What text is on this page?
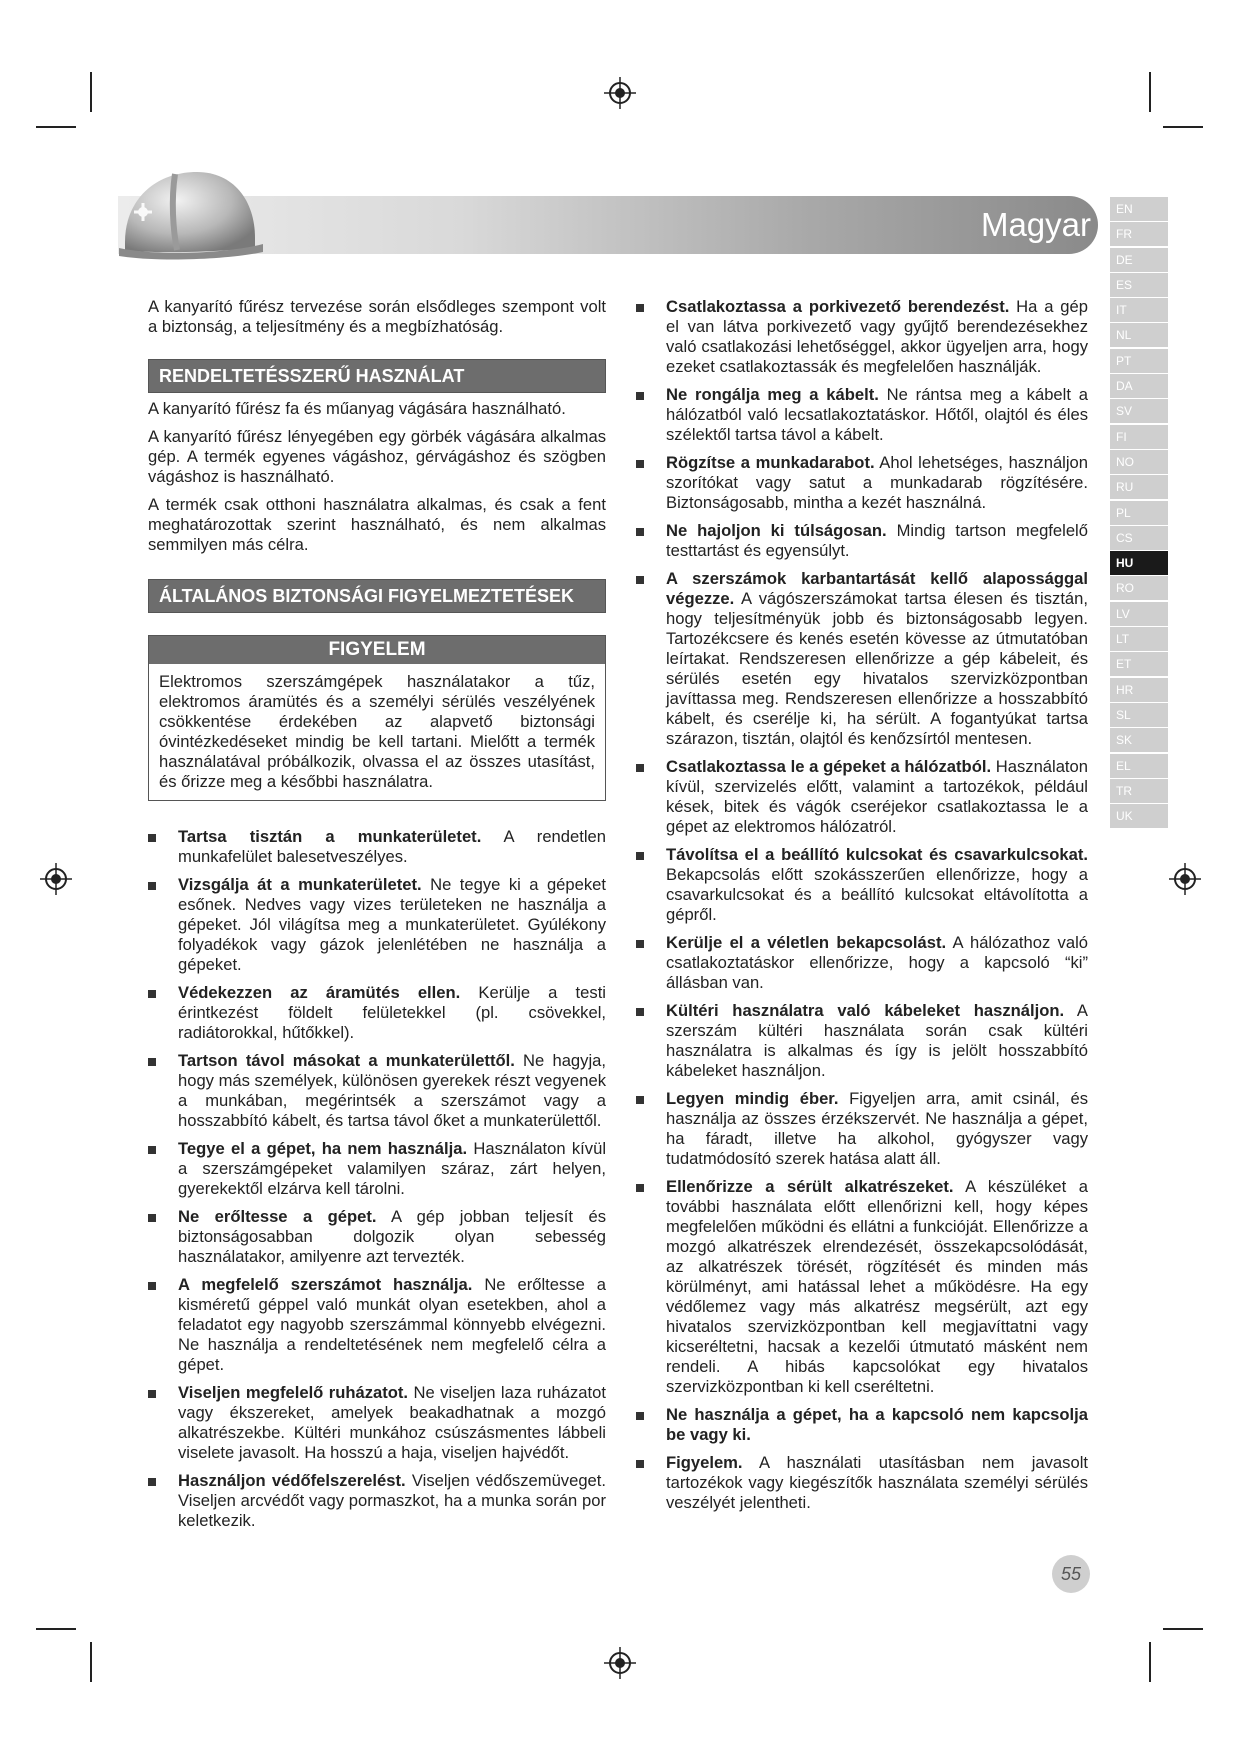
Magyar	EN
FR
DE
ES
IT
NL
PT
DA
SV
FI
NO
RU
PL
CS
HU
RO
LV
LT
ET
HR
SL
SK
EL
TR
UK

A kanyarító fűrész tervezése során elsődleges szempont volt a biztonság, a teljesítmény és a megbízhatóság.

RENDELTETÉSSZERŰ HASZNÁLAT

A kanyarító fűrész fa és műanyag vágására használható.

A kanyarító fűrész lényegében egy görbék vágására alkalmas gép. A termék egyenes vágáshoz, gérvágáshoz és szögben vágáshoz is használható.

A termék csak otthoni használatra alkalmas, és csak a fent meghatározottak szerint használható, és nem alkalmas semmilyen más célra.

ÁLTALÁNOS BIZTONSÁGI FIGYELMEZTETÉSEK
FIGYELEM
Elektromos szerszámgépek használatakor a tűz, elektromos áramütés és a személyi sérülés veszélyének csökkentése érdekében az alapvető biztonsági óvintézkedéseket mindig be kell tartani. Mielőtt a termék használatával próbálkozik, olvassa el az összes utasítást, és őrizze meg a későbbi használatra.
Tartsa tisztán a munkaterületet. A rendetlen munkafelület balesetveszélyes.
Vizsgálja át a munkaterületet. Ne tegye ki a gépeket esőnek. Nedves vagy vizes területeken ne használja a gépeket. Jól világítsa meg a munkaterületet. Gyúlékony folyadékok vagy gázok jelenlétében ne használja a gépeket.
Védekezzen az áramütés ellen. Kerülje a testi érintkezést földelt felületekkel (pl. csövekkel, radiátorokkal, hűtőkkel).
Tartson távol másokat a munkaterülettől. Ne hagyja, hogy más személyek, különösen gyerekek részt vegyenek a munkában, megérintsék a szerszámot vagy a hosszabbító kábelt, és tartsa távol őket a munkaterülettől.
Tegye el a gépet, ha nem használja. Használaton kívül a szerszámgépeket valamilyen száraz, zárt helyen, gyerekektől elzárva kell tárolni.
Ne erőltesse a gépet. A gép jobban teljesít és biztonságosabban dolgozik olyan sebesség használatakor, amilyenre azt tervezték.
A megfelelő szerszámot használja. Ne erőltesse a kisméretű géppel való munkát olyan esetekben, ahol a feladatot egy nagyobb szerszámmal könnyebb elvégezni. Ne használja a rendeltetésének nem megfelelő célra a gépet.
Viseljen megfelelő ruházatot. Ne viseljen laza ruházatot vagy ékszereket, amelyek beakadhatnak a mozgó alkatrészekbe. Kültéri munkához csúszásmentes lábbeli viselete javasolt. Ha hosszú a haja, viseljen hajvédőt.
Használjon védőfelszerelést. Viseljen védőszemüveget. Viseljen arcvédőt vagy pormaszkot, ha a munka során por keletkezik.
Csatlakoztassa a porkivezető berendezést. Ha a gép el van látva porkivezető vagy gyűjtő berendezésekhez való csatlakozási lehetőséggel, akkor ügyeljen arra, hogy ezeket csatlakoztassák és megfelelően használják.
Ne rongálja meg a kábelt. Ne rántsa meg a kábelt a hálózatból való lecsatlakoztatáskor. Hőtől, olajtól és éles szélektől tartsa távol a kábelt.
Rögzítse a munkadarabot. Ahol lehetséges, használjon szorítókat vagy satut a munkadarab rögzítésére. Biztonságosabb, mintha a kezét használná.
Ne hajoljon ki túlságosan. Mindig tartson megfelelő testtartást és egyensúlyt.
A szerszámok karbantartását kellő alapossággal végezze. A vágószerszámokat tartsa élesen és tisztán, hogy teljesítményük jobb és biztonságosabb legyen. Tartozékcsere és kenés esetén kövesse az útmutatóban leírtakat. Rendszeresen ellenőrizze a gép kábeleit, és sérülés esetén egy hivatalos szervizközpontban javíttassa meg. Rendszeresen ellenőrizze a hosszabbító kábelt, és cserélje ki, ha sérült. A fogantyúkat tartsa szárazon, tisztán, olajtól és kenőzsírtól mentesen.
Csatlakoztassa le a gépeket a hálózatból. Használaton kívül, szervizelés előtt, valamint a tartozékok, például kések, bitek és vágók cseréjekor csatlakoztassa le a gépet az elektromos hálózatról.
Távolítsa el a beállító kulcsokat és csavarkulcsokat. Bekapcsolás előtt szokásszerűen ellenőrizze, hogy a csavarkulcsokat és a beállító kulcsokat eltávolította a gépről.
Kerülje el a véletlen bekapcsolást. A hálózathoz való csatlakoztatáskor ellenőrizze, hogy a kapcsoló “ki” állásban van.
Kültéri használatra való kábeleket használjon. A szerszám kültéri használata során csak kültéri használatra is alkalmas és így is jelölt hosszabbító kábeleket használjon.
Legyen mindig éber. Figyeljen arra, amit csinál, és használja az összes érzékszervét. Ne használja a gépet, ha fáradt, illetve ha alkohol, gyógyszer vagy tudatmódosító szerek hatása alatt áll.
Ellenőrizze a sérült alkatrészeket. A készüléket a további használata előtt ellenőrizni kell, hogy képes megfelelően működni és ellátni a funkcióját. Ellenőrizze a mozgó alkatrészek elrendezését, összekapcsolódását, az alkatrészek törését, rögzítését és minden más körülményt, ami hatással lehet a működésre. Ha egy védőlemez vagy más alkatrész megsérült, azt egy hivatalos szervizközpontban kell megjavíttatni vagy kicseréltetni, hacsak a kezelői útmutató másként nem rendeli. A hibás kapcsolókat egy hivatalos szervizközpontban ki kell cseréltetni.
Ne használja a gépet, ha a kapcsoló nem kapcsolja be vagy ki.
Figyelem. A használati utasításban nem javasolt tartozékok vagy kiegészítők használata személyi sérülés veszélyét jelentheti.
55
